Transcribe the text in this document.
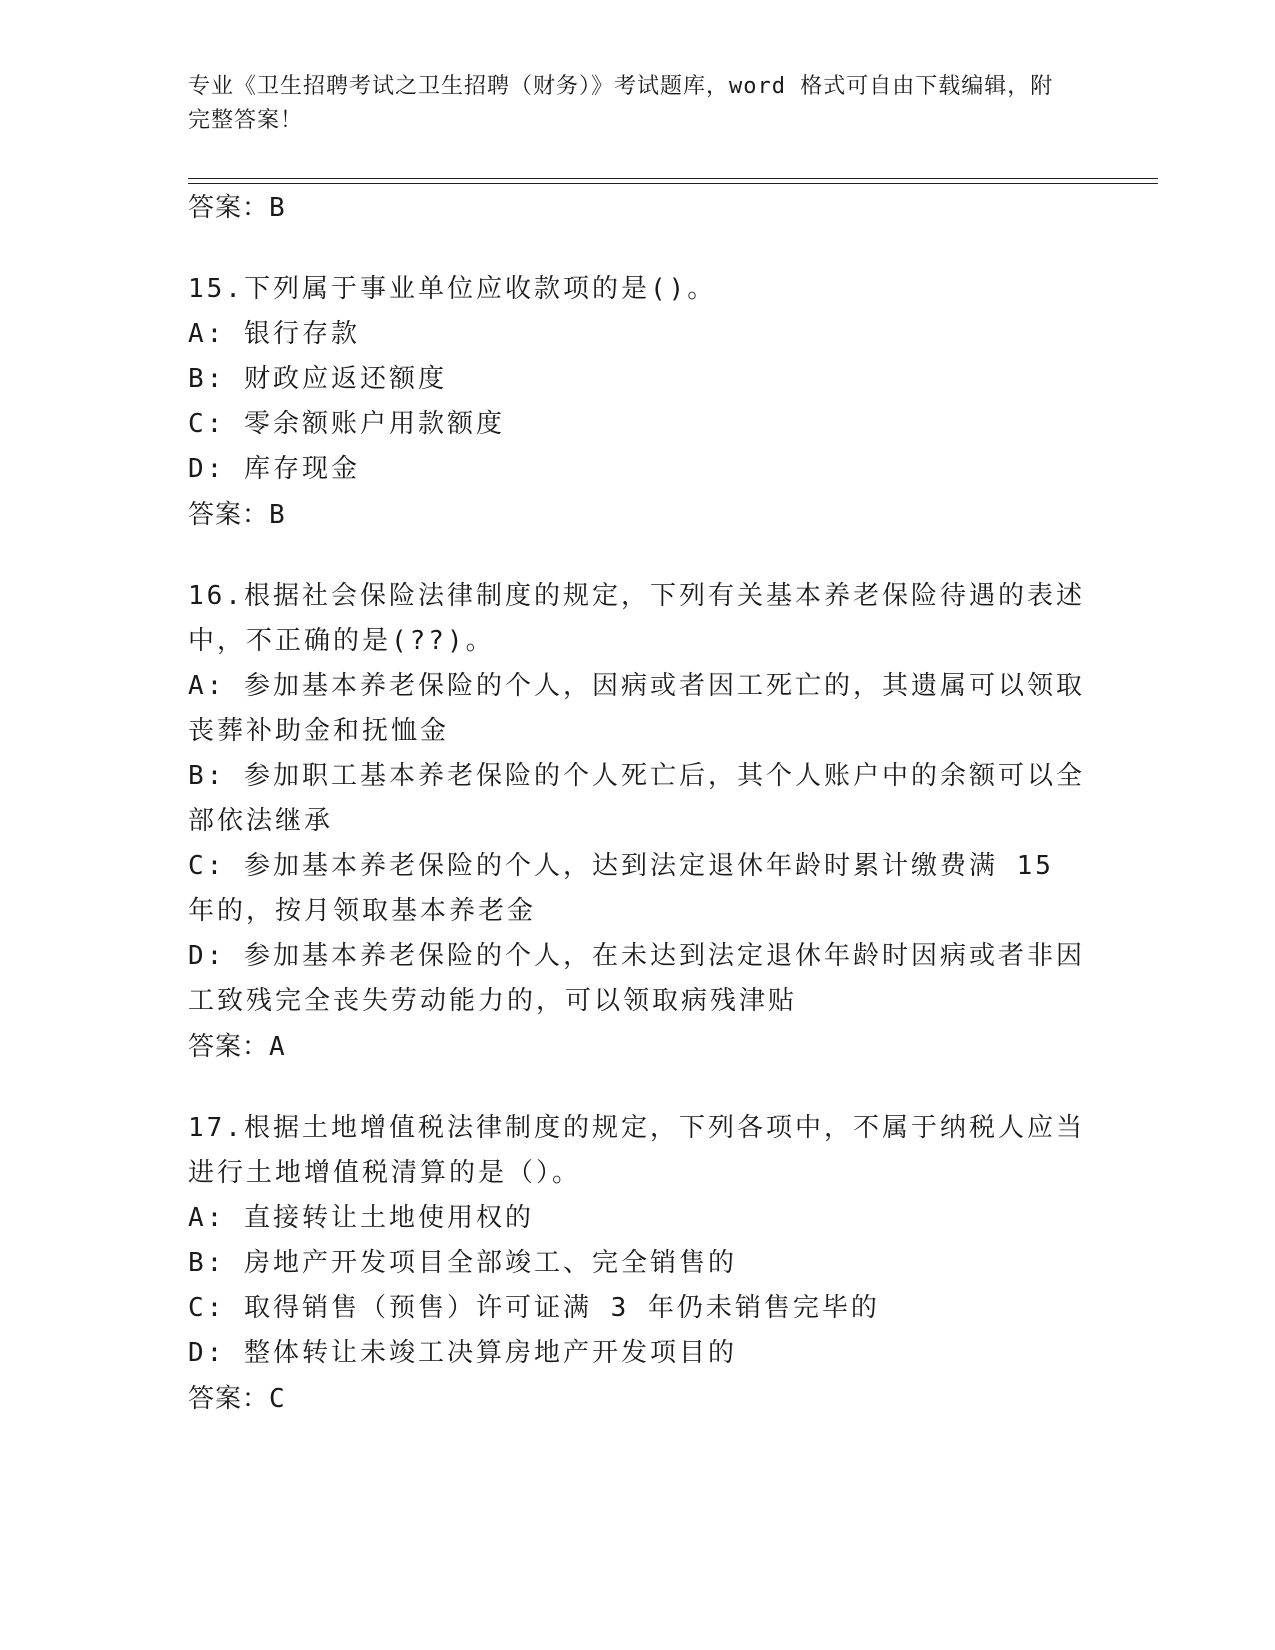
专业《卫生招聘考试之卫生招聘（财务）》考试题库，word 格式可自由下载编辑，附完整答案！

答案：B

15.下列属于事业单位应收款项的是()。

A: 银行存款

B: 财政应返还额度

C: 零余额账户用款额度

D: 库存现金

答案：B

16.根据社会保险法律制度的规定，下列有关基本养老保险待遇的表述中，不正确的是(??)。

A: 参加基本养老保险的个人，因病或者因工死亡的，其遗属可以领取丧葬补助金和抚恤金

B: 参加职工基本养老保险的个人死亡后，其个人账户中的余额可以全部依法继承

C: 参加基本养老保险的个人，达到法定退休年龄时累计缴费满 15 年的，按月领取基本养老金

D: 参加基本养老保险的个人，在未达到法定退休年龄时因病或者非因工致残完全丧失劳动能力的，可以领取病残津贴

答案：A

17.根据土地增值税法律制度的规定，下列各项中，不属于纳税人应当进行土地增值税清算的是（）。

A: 直接转让土地使用权的

B: 房地产开发项目全部竣工、完全销售的

C: 取得销售（预售）许可证满 3 年仍未销售完毕的

D: 整体转让未竣工决算房地产开发项目的

答案：C
